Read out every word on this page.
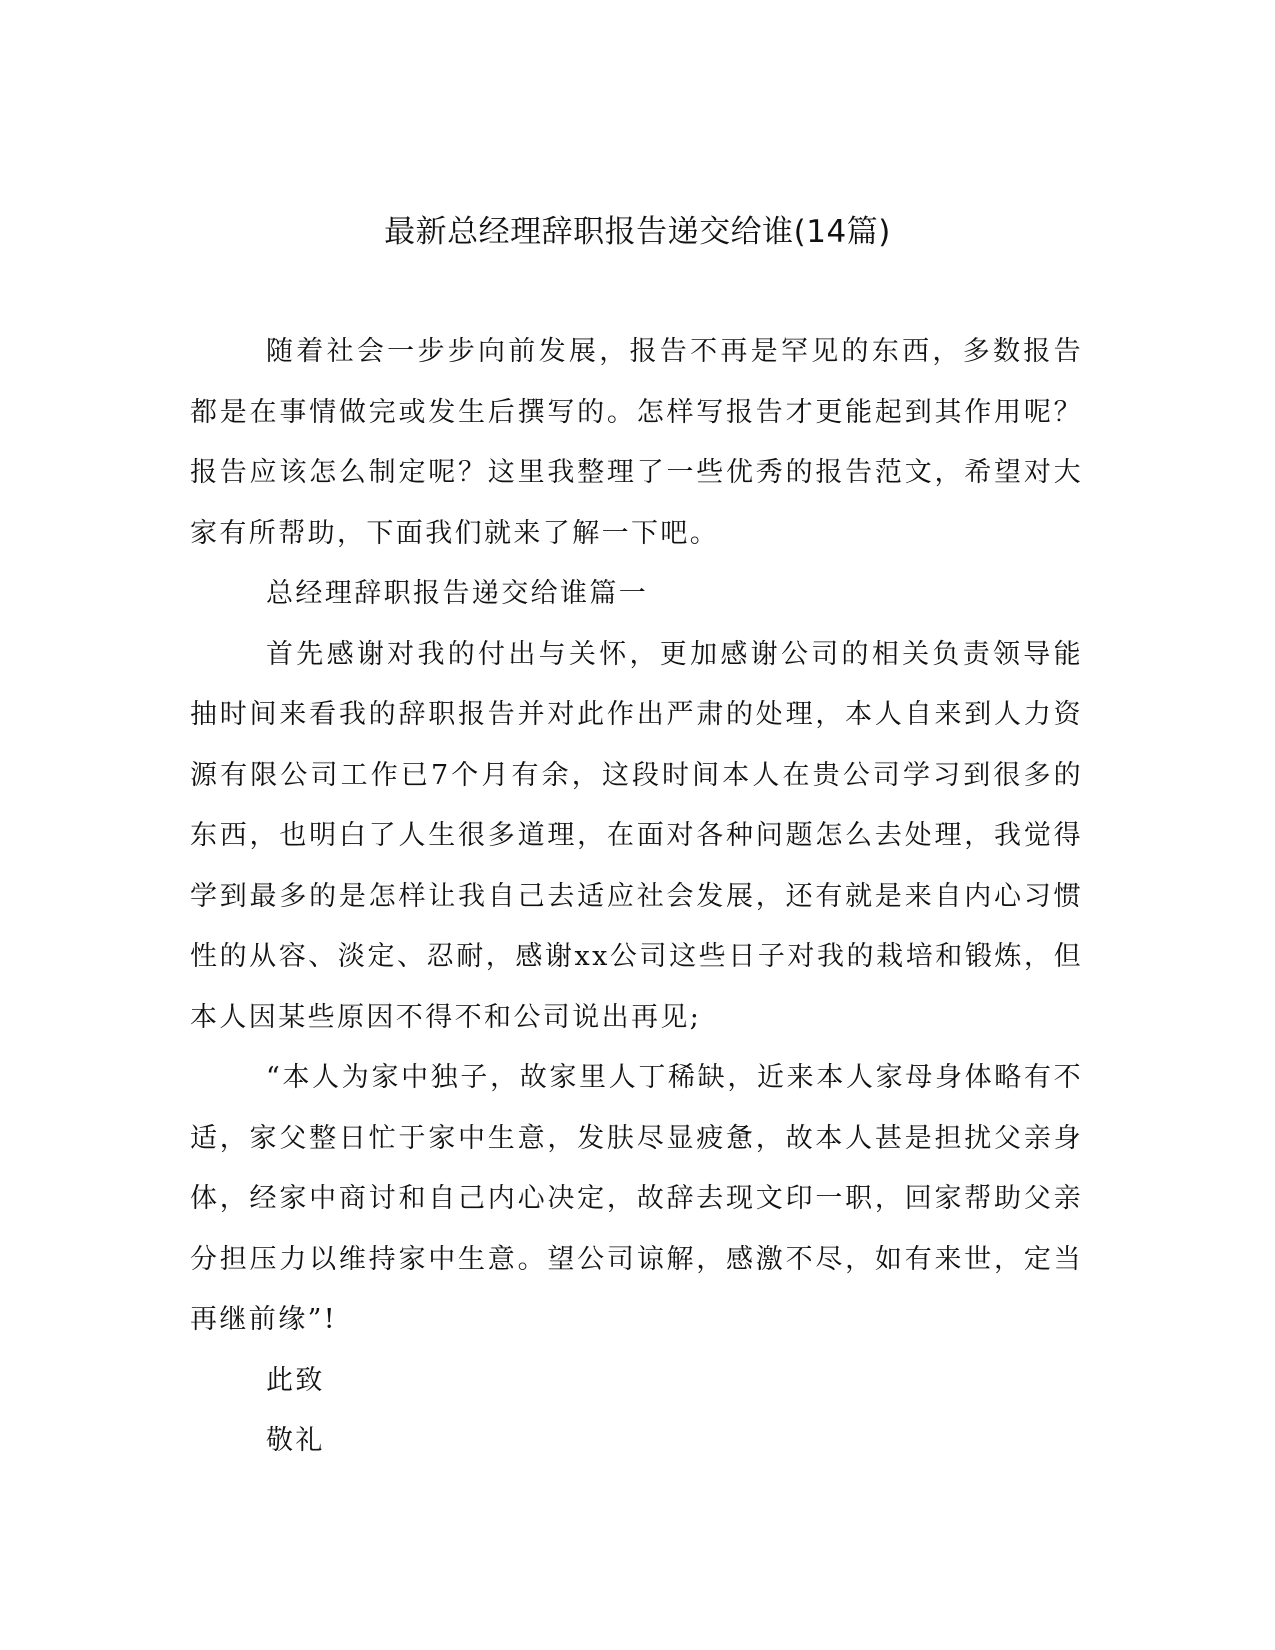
最新总经理辞职报告递交给谁(14篇)

随着社会一步步向前发展，报告不再是罕见的东西，多数报告都是在事情做完或发生后撰写的。怎样写报告才更能起到其作用呢？报告应该怎么制定呢？这里我整理了一些优秀的报告范文，希望对大家有所帮助，下面我们就来了解一下吧。

总经理辞职报告递交给谁篇一

首先感谢对我的付出与关怀，更加感谢公司的相关负责领导能抽时间来看我的辞职报告并对此作出严肃的处理，本人自来到人力资源有限公司工作已7个月有余，这段时间本人在贵公司学习到很多的东西，也明白了人生很多道理，在面对各种问题怎么去处理，我觉得学到最多的是怎样让我自己去适应社会发展，还有就是来自内心习惯性的从容、淡定、忍耐，感谢xx公司这些日子对我的栽培和锻炼，但本人因某些原因不得不和公司说出再见;

“本人为家中独子，故家里人丁稀缺，近来本人家母身体略有不适，家父整日忙于家中生意，发肤尽显疲惫，故本人甚是担扰父亲身体，经家中商讨和自己内心决定，故辞去现文印一职，回家帮助父亲分担压力以维持家中生意。望公司谅解，感激不尽，如有来世，定当再继前缘”!

此致

敬礼
